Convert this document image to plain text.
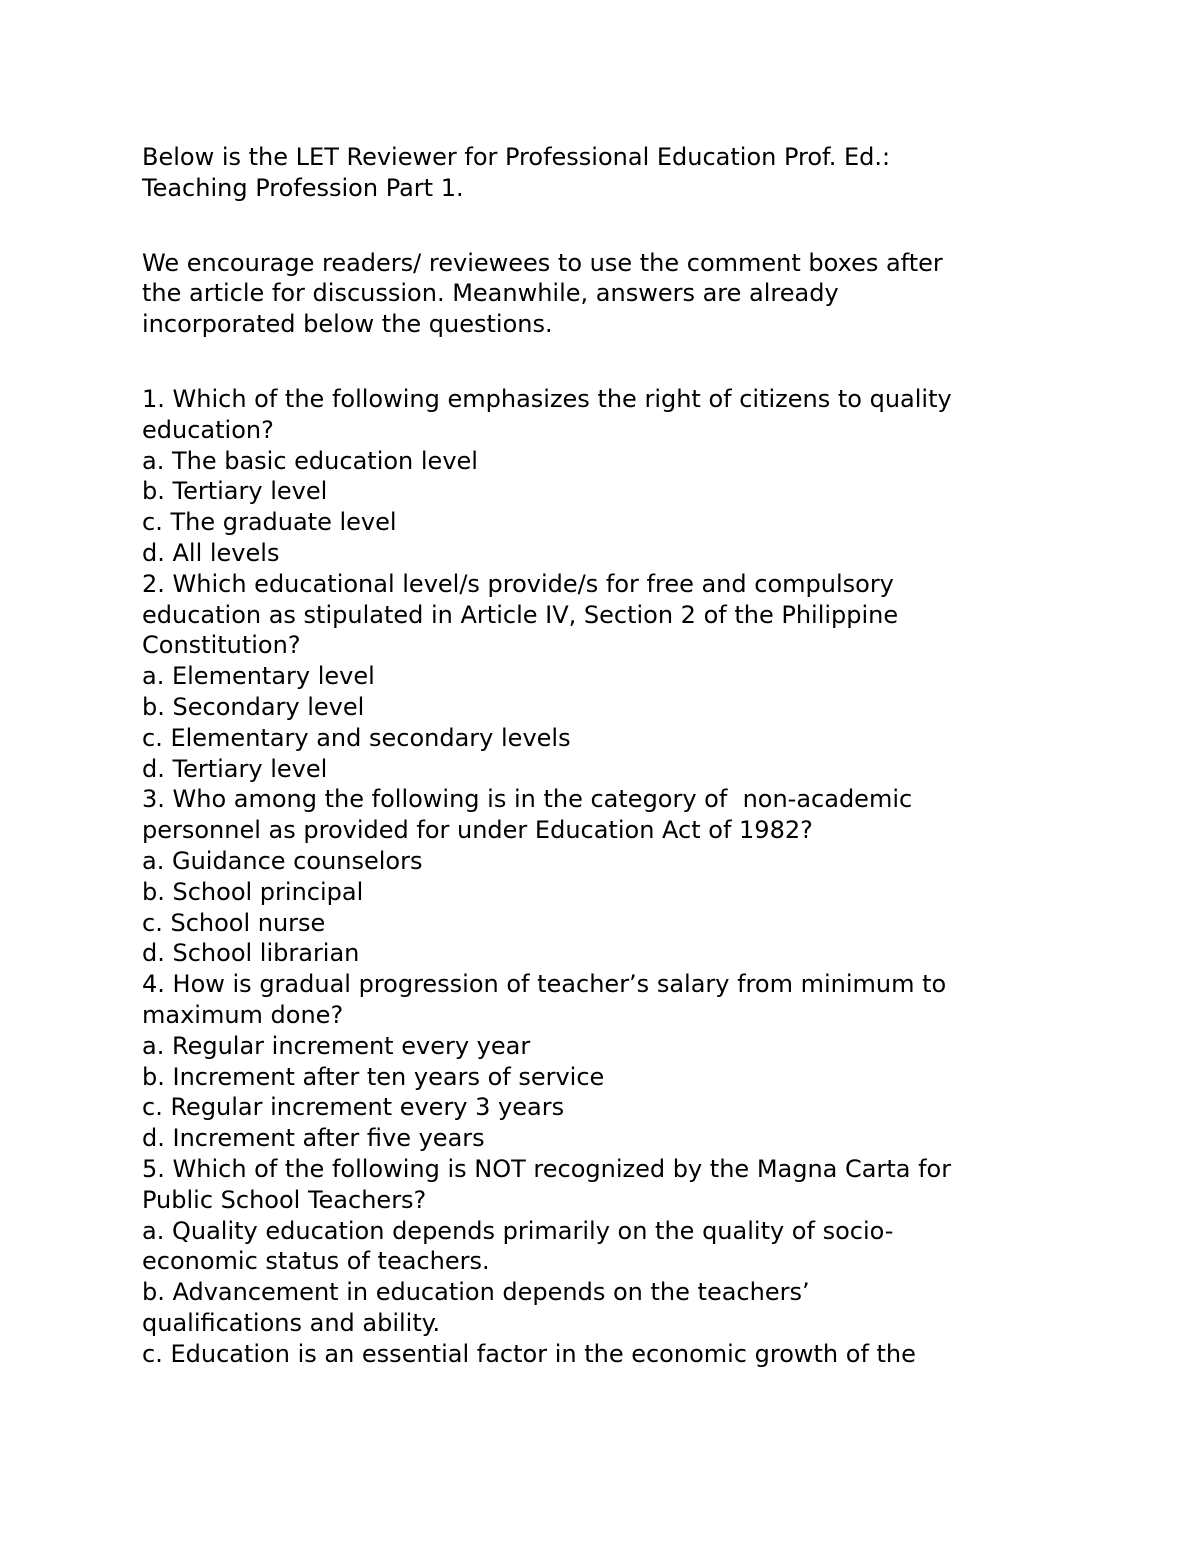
Below is the LET Reviewer for Professional Education Prof. Ed.:

Teaching Profession Part 1.

We encourage readers/ reviewees to use the comment boxes after

the article for discussion. Meanwhile, answers are already

incorporated below the questions.

1. Which of the following emphasizes the right of citizens to quality

education?

a. The basic education level

b. Tertiary level

c. The graduate level

d. All levels

2. Which educational level/s provide/s for free and compulsory

education as stipulated in Article IV, Section 2 of the Philippine

Constitution?

a. Elementary level

b. Secondary level

c. Elementary and secondary levels

d. Tertiary level

3. Who among the following is in the category of  non-academic

personnel as provided for under Education Act of 1982?

a. Guidance counselors

b. School principal

c. School nurse

d. School librarian

4. How is gradual progression of teacher’s salary from minimum to

maximum done?

a. Regular increment every year

b. Increment after ten years of service

c. Regular increment every 3 years

d. Increment after five years

5. Which of the following is NOT recognized by the Magna Carta for

Public School Teachers?

a. Quality education depends primarily on the quality of socio-

economic status of teachers.

b. Advancement in education depends on the teachers’

qualifications and ability.

c. Education is an essential factor in the economic growth of the
